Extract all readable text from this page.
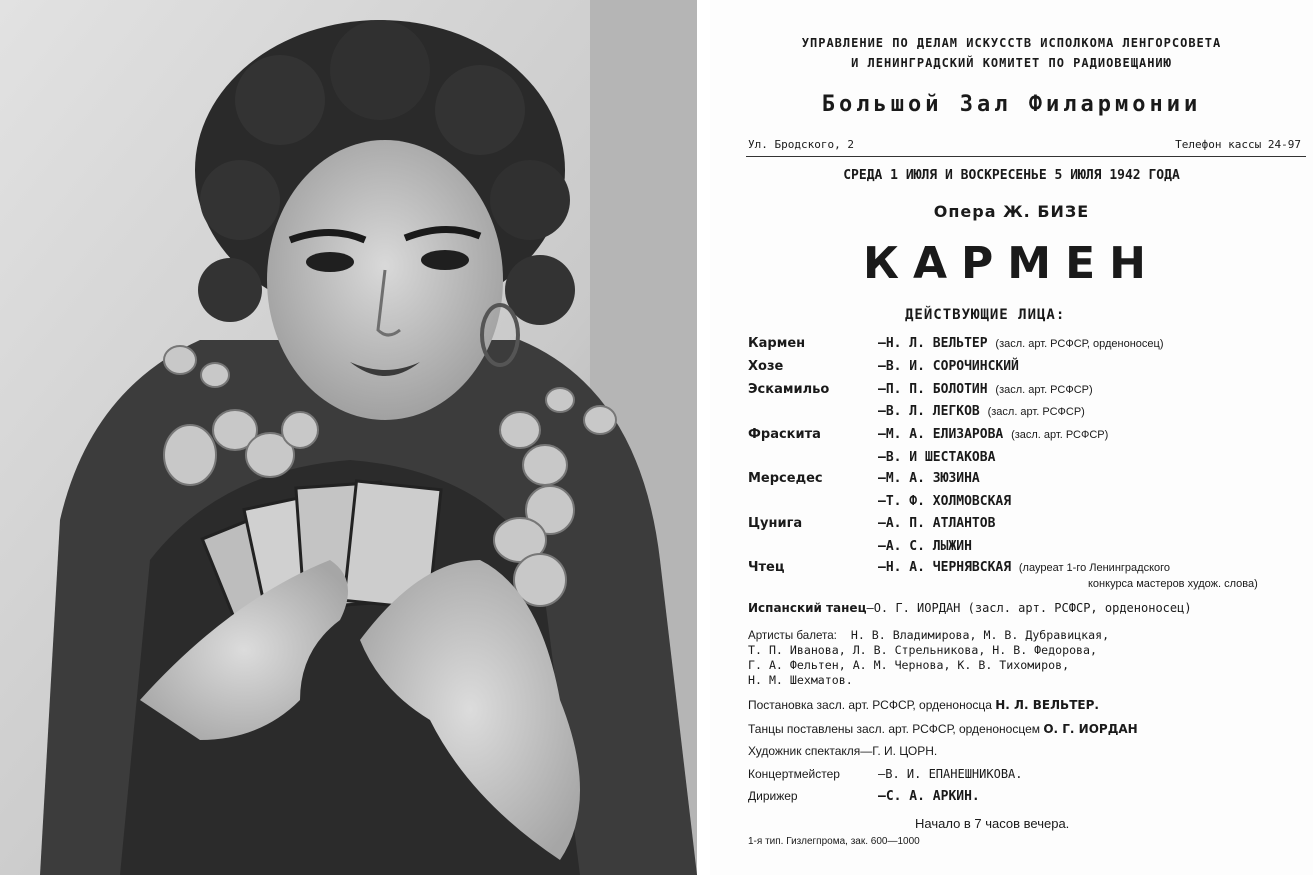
УПРАВЛЕНИЕ ПО ДЕЛАМ ИСКУССТВ ИСПОЛКОМА ЛЕНГОРСОВЕТА
И ЛЕНИНГРАДСКИЙ КОМИТЕТ ПО РАДИОВЕЩАНИЮ
Большой Зал Филармонии
Ул. Бродского, 2	Телефон кассы 24-97
СРЕДА 1 ИЮЛЯ И ВОСКРЕСЕНЬЕ 5 ИЮЛЯ 1942 ГОДА
Опера Ж. БИЗЕ
КАРМЕН
ДЕЙСТВУЮЩИЕ ЛИЦА:
Кармен	—Н. Л. ВЕЛЬТЕР (засл. арт. РСФСР, орденоносец)
Хозе	—В. И. СОРОЧИНСКИЙ
Эскамильо	—П. П. БОЛОТИН (засл. арт. РСФСР)
—В. Л. ЛЕГКОВ (засл. арт. РСФСР)
Фраскита	—М. А. ЕЛИЗАРОВА (засл. арт. РСФСР)
—В. И ШЕСТАКОВА
Мерседес	—М. А. ЗЮЗИНА
—Т. Ф. ХОЛМОВСКАЯ
Цунига	—А. П. АТЛАНТОВ
—А. С. ЛЫЖИН
Чтец	—Н. А. ЧЕРНЯВСКАЯ (лауреат 1-го Ленинградского
конкурса мастеров худож. слова)
Испанский танец—О. Г. ИОРДАН (засл. арт. РСФСР, орденоносец)
Артисты балета: Н. В. Владимирова, М. В. Дубравицкая,
Т. П. Иванова, Л. В. Стрельникова, Н. В. Федорова,
Г. А. Фельтен, А. М. Чернова, К. В. Тихомиров,
Н. М. Шехматов.
Постановка засл. арт. РСФСР, орденоносца Н. Л. ВЕЛЬТЕР.
Танцы поставлены засл. арт. РСФСР, орденоносцем О. Г. ИОРДАН
Художник спектакля—Г. И. ЦОРН.
Концертмейстер	—В. И. ЕПАНЕШНИКОВА.
Дирижер	—С. А. АРКИН.
Начало в 7 часов вечера.
1-я тип. Гизлегпрома, зак. 600—1000
